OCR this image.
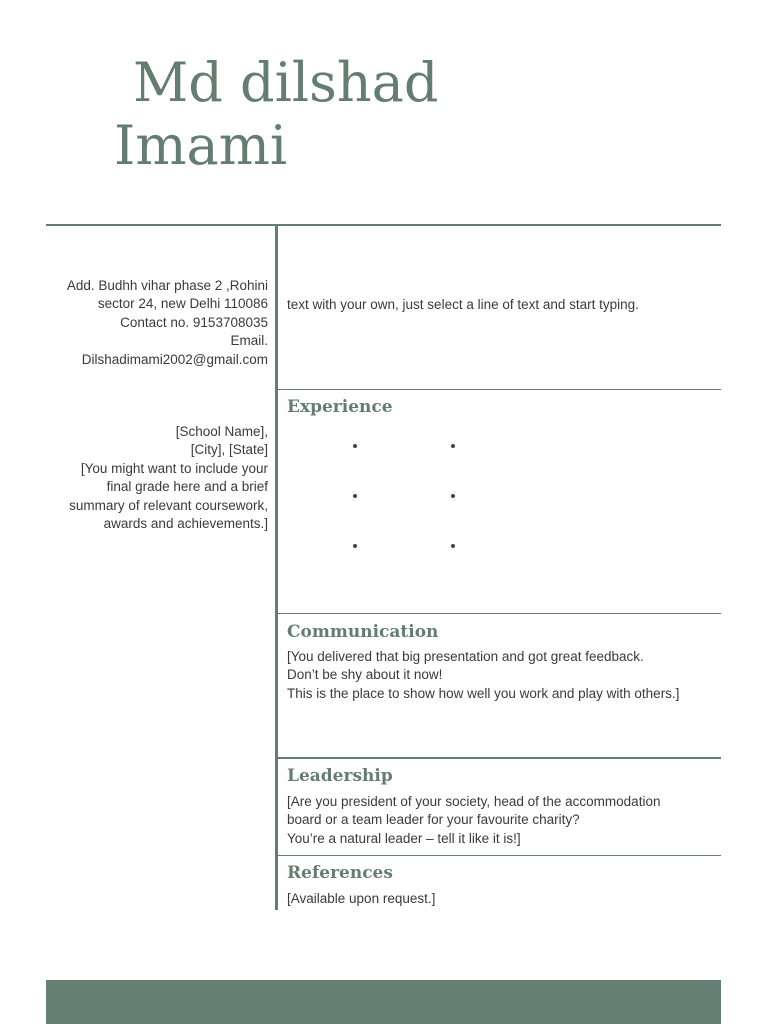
Md dilshad
Imami
Add. Budhh vihar phase 2 ,Rohini
sector 24, new Delhi 110086
Contact no. 9153708035
Email.
Dilshadimami2002@gmail.com
[School Name],
[City], [State]
[You might want to include your
final grade here and a brief
summary of relevant coursework,
awards and achievements.]
text with your own, just select a line of text and start typing.
Experience
Communication
[You delivered that big presentation and got great feedback.
Don’t be shy about it now!
This is the place to show how well you work and play with others.]
Leadership
[Are you president of your society, head of the accommodation
board or a team leader for your favourite charity?
You’re a natural leader – tell it like it is!]
References
[Available upon request.]
